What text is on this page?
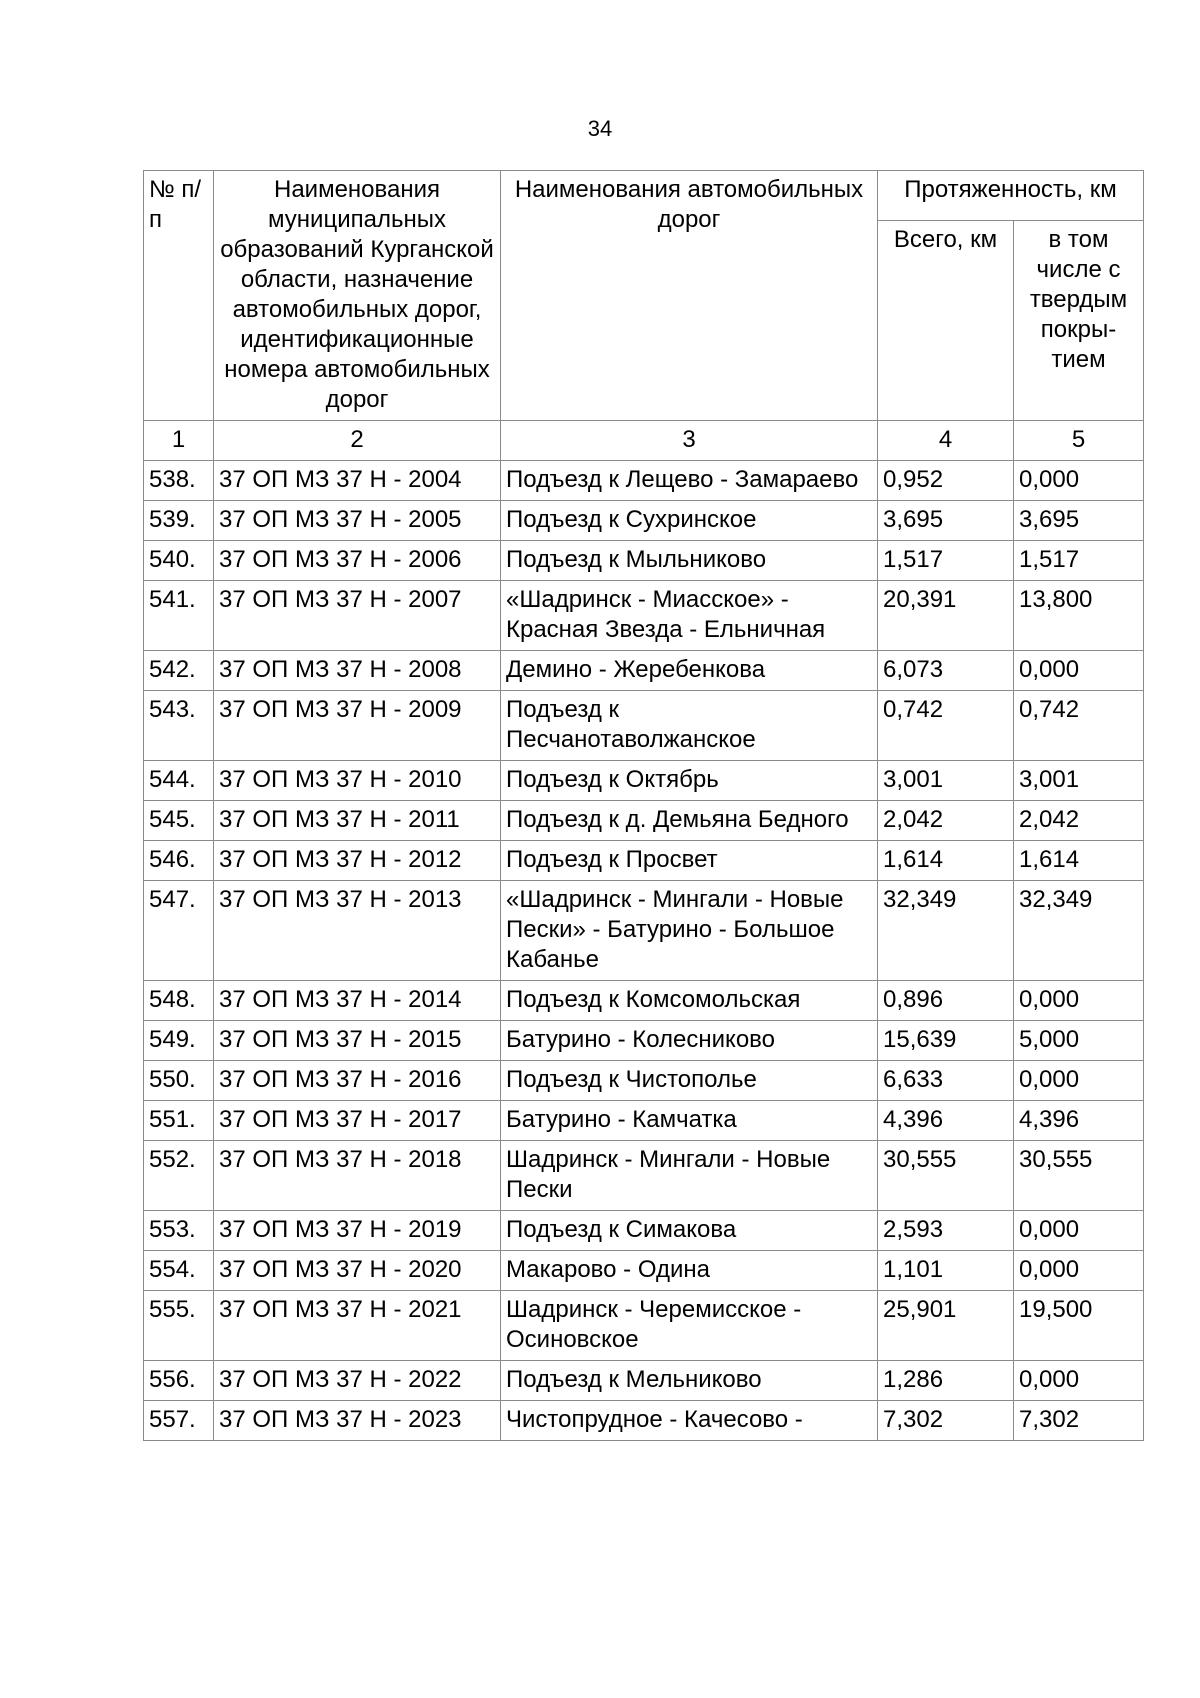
34
№ п/п	Наименования муниципальных образований Курганской области, назначение автомобильных дорог, идентификационные номера автомобильных дорог	Наименования автомобильных дорог	Протяженность, км	
			Всего, км	в том числе с твердым покры-тием
1	2	3	4	5
538.	37 ОП МЗ 37 Н - 2004	Подъезд к Лещево - Замараево	0,952	0,000
539.	37 ОП МЗ 37 Н - 2005	Подъезд к Сухринское	3,695	3,695
540.	37 ОП МЗ 37 Н - 2006	Подъезд к Мыльниково	1,517	1,517
541.	37 ОП МЗ 37 Н - 2007	«Шадринск - Миасское» - Красная Звезда - Ельничная	20,391	13,800
542.	37 ОП МЗ 37 Н - 2008	Демино - Жеребенкова	6,073	0,000
543.	37 ОП МЗ 37 Н - 2009	Подъезд к Песчанотаволжанское	0,742	0,742
544.	37 ОП МЗ 37 Н - 2010	Подъезд к Октябрь	3,001	3,001
545.	37 ОП МЗ 37 Н - 2011	Подъезд к д. Демьяна Бедного	2,042	2,042
546.	37 ОП МЗ 37 Н - 2012	Подъезд к Просвет	1,614	1,614
547.	37 ОП МЗ 37 Н - 2013	«Шадринск - Мингали - Новые Пески» - Батурино - Большое Кабанье	32,349	32,349
548.	37 ОП МЗ 37 Н - 2014	Подъезд к Комсомольская	0,896	0,000
549.	37 ОП МЗ 37 Н - 2015	Батурино - Колесниково	15,639	5,000
550.	37 ОП МЗ 37 Н - 2016	Подъезд к Чистополье	6,633	0,000
551.	37 ОП МЗ 37 Н - 2017	Батурино - Камчатка	4,396	4,396
552.	37 ОП МЗ 37 Н - 2018	Шадринск - Мингали - Новые Пески	30,555	30,555
553.	37 ОП МЗ 37 Н - 2019	Подъезд к Симакова	2,593	0,000
554.	37 ОП МЗ 37 Н - 2020	Макарово - Одина	1,101	0,000
555.	37 ОП МЗ 37 Н - 2021	Шадринск - Черемисское - Осиновское	25,901	19,500
556.	37 ОП МЗ 37 Н - 2022	Подъезд к Мельниково	1,286	0,000
557.	37 ОП МЗ 37 Н - 2023	Чистопрудное - Качесово -	7,302	7,302
